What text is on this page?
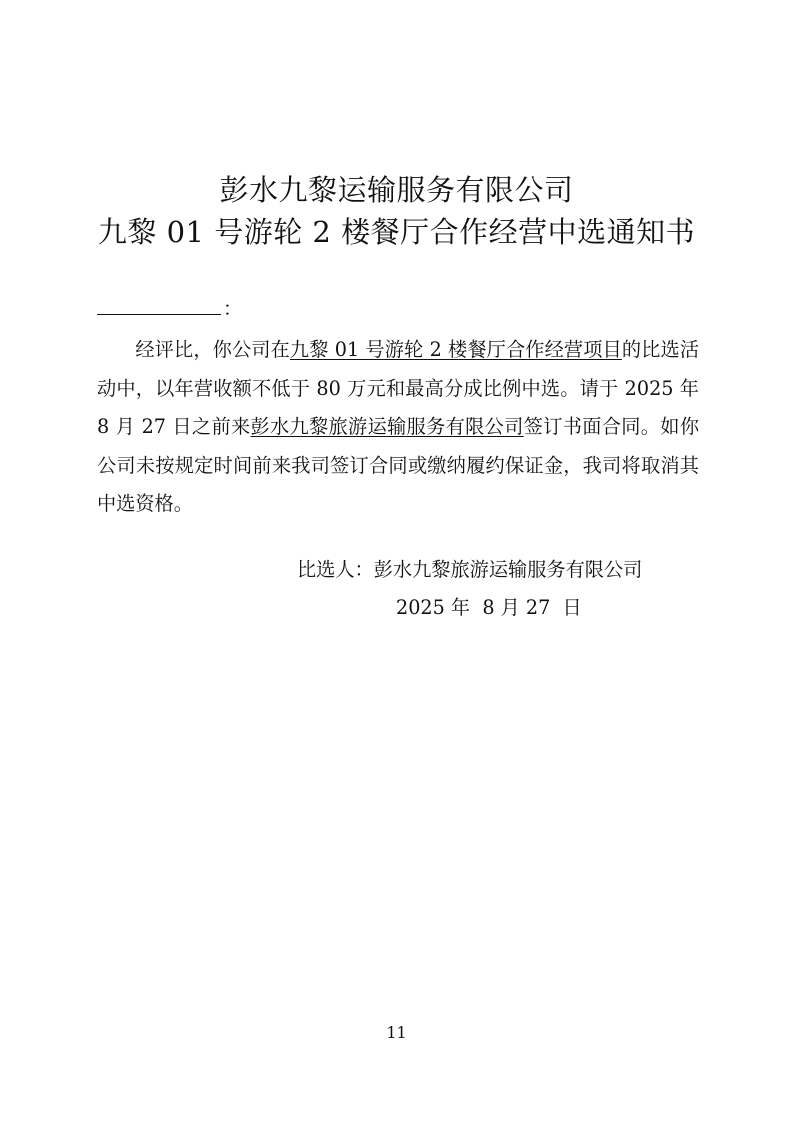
彭水九黎运输服务有限公司
九黎 01 号游轮 2 楼餐厅合作经营中选通知书
：

经评比，你公司在九黎 01 号游轮 2 楼餐厅合作经营项目的比选活动中，以年营收额不低于 80 万元和最高分成比例中选。请于 2025 年 8 月 27 日之前来彭水九黎旅游运输服务有限公司签订书面合同。如你公司未按规定时间前来我司签订合同或缴纳履约保证金，我司将取消其中选资格。

比选人：彭水九黎旅游运输服务有限公司
2025 年  8 月 27  日
11
